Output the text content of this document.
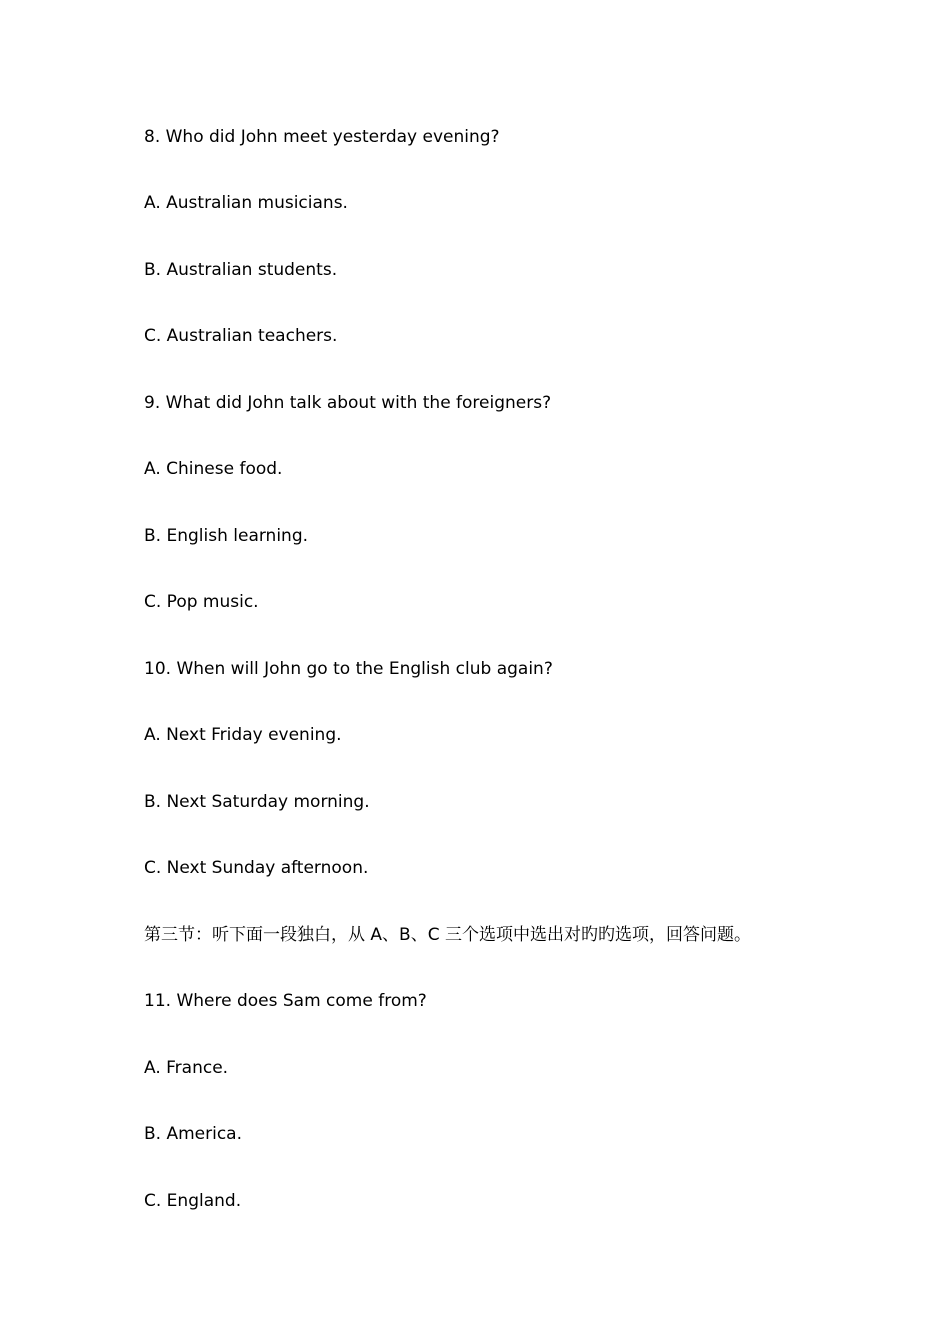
8. Who did John meet yesterday evening?
A. Australian musicians.
B. Australian students.
C. Australian teachers.
9. What did John talk about with the foreigners?
A. Chinese food.
B. English learning.
C. Pop music.
10. When will John go to the English club again?
A. Next Friday evening.
B. Next Saturday morning.
C. Next Sunday afternoon.
第三节：听下面一段独白，从 A、B、C 三个选项中选出对旳旳选项，回答问题。
11. Where does Sam come from?
A. France.
B. America.
C. England.
